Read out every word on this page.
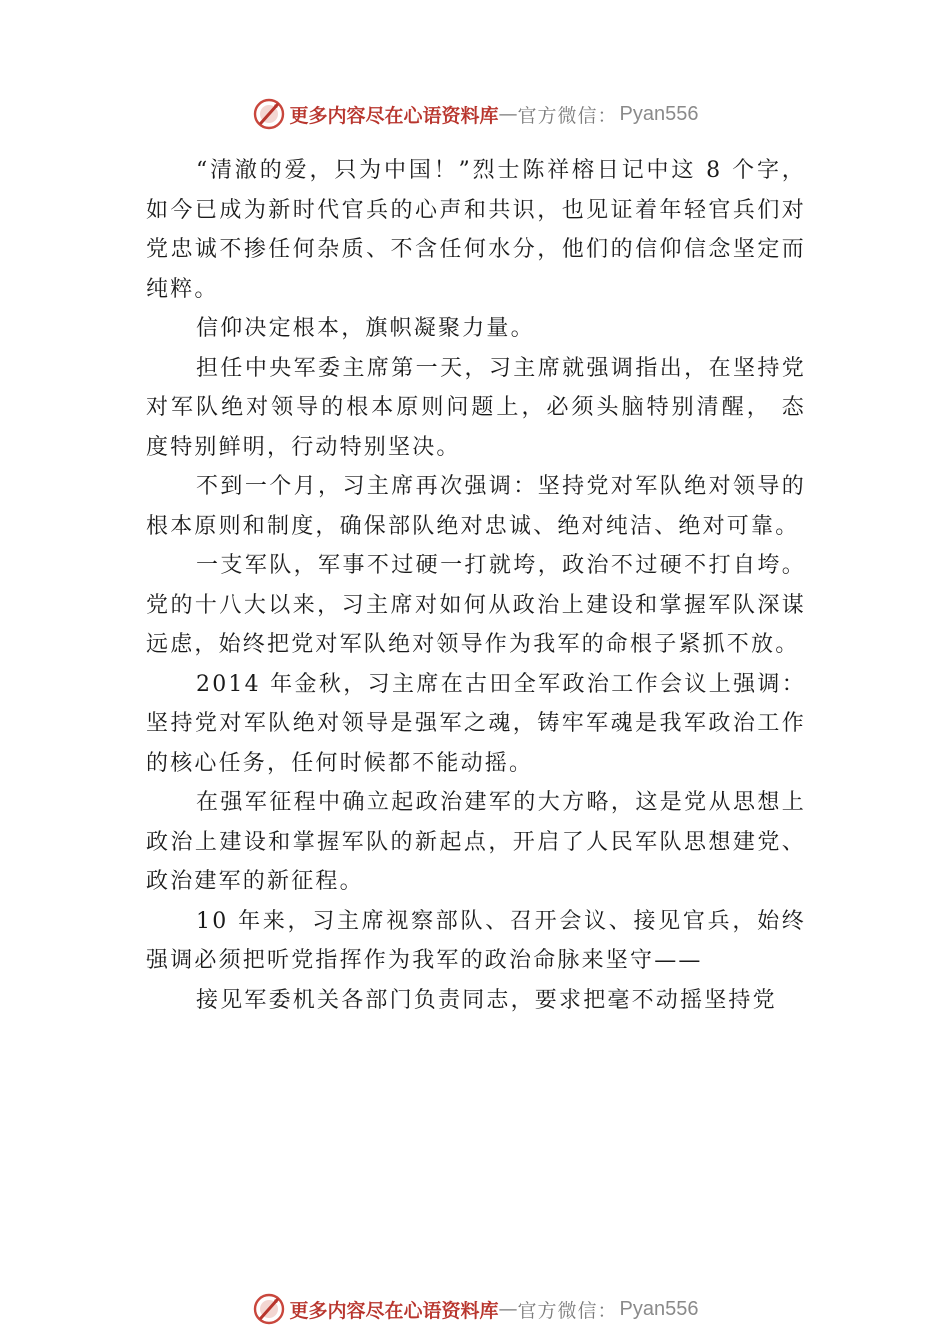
更多内容尽在心语资料库 — 官方微信： Pyan556

“清澈的爱，只为中国！”烈士陈祥榕日记中这 8 个字，如今已成为新时代官兵的心声和共识，也见证着年轻官兵们对党忠诚不掺任何杂质、不含任何水分，他们的信仰信念坚定而纯粹。

信仰决定根本，旗帜凝聚力量。

担任中央军委主席第一天，习主席就强调指出，在坚持党对军队绝对领导的根本原则问题上，必须头脑特别清醒， 态度特别鲜明，行动特别坚决。

不到一个月，习主席再次强调：坚持党对军队绝对领导的根本原则和制度，确保部队绝对忠诚、绝对纯洁、绝对可靠。

一支军队，军事不过硬一打就垮，政治不过硬不打自垮。党的十八大以来，习主席对如何从政治上建设和掌握军队深谋远虑，始终把党对军队绝对领导作为我军的命根子紧抓不放。

2014 年金秋，习主席在古田全军政治工作会议上强调：坚持党对军队绝对领导是强军之魂，铸牢军魂是我军政治工作的核心任务，任何时候都不能动摇。

在强军征程中确立起政治建军的大方略，这是党从思想上政治上建设和掌握军队的新起点，开启了人民军队思想建党、政治建军的新征程。

10 年来，习主席视察部队、召开会议、接见官兵，始终强调必须把听党指挥作为我军的政治命脉来坚守——

接见军委机关各部门负责同志，要求把毫不动摇坚持党

更多内容尽在心语资料库 — 官方微信： Pyan556
